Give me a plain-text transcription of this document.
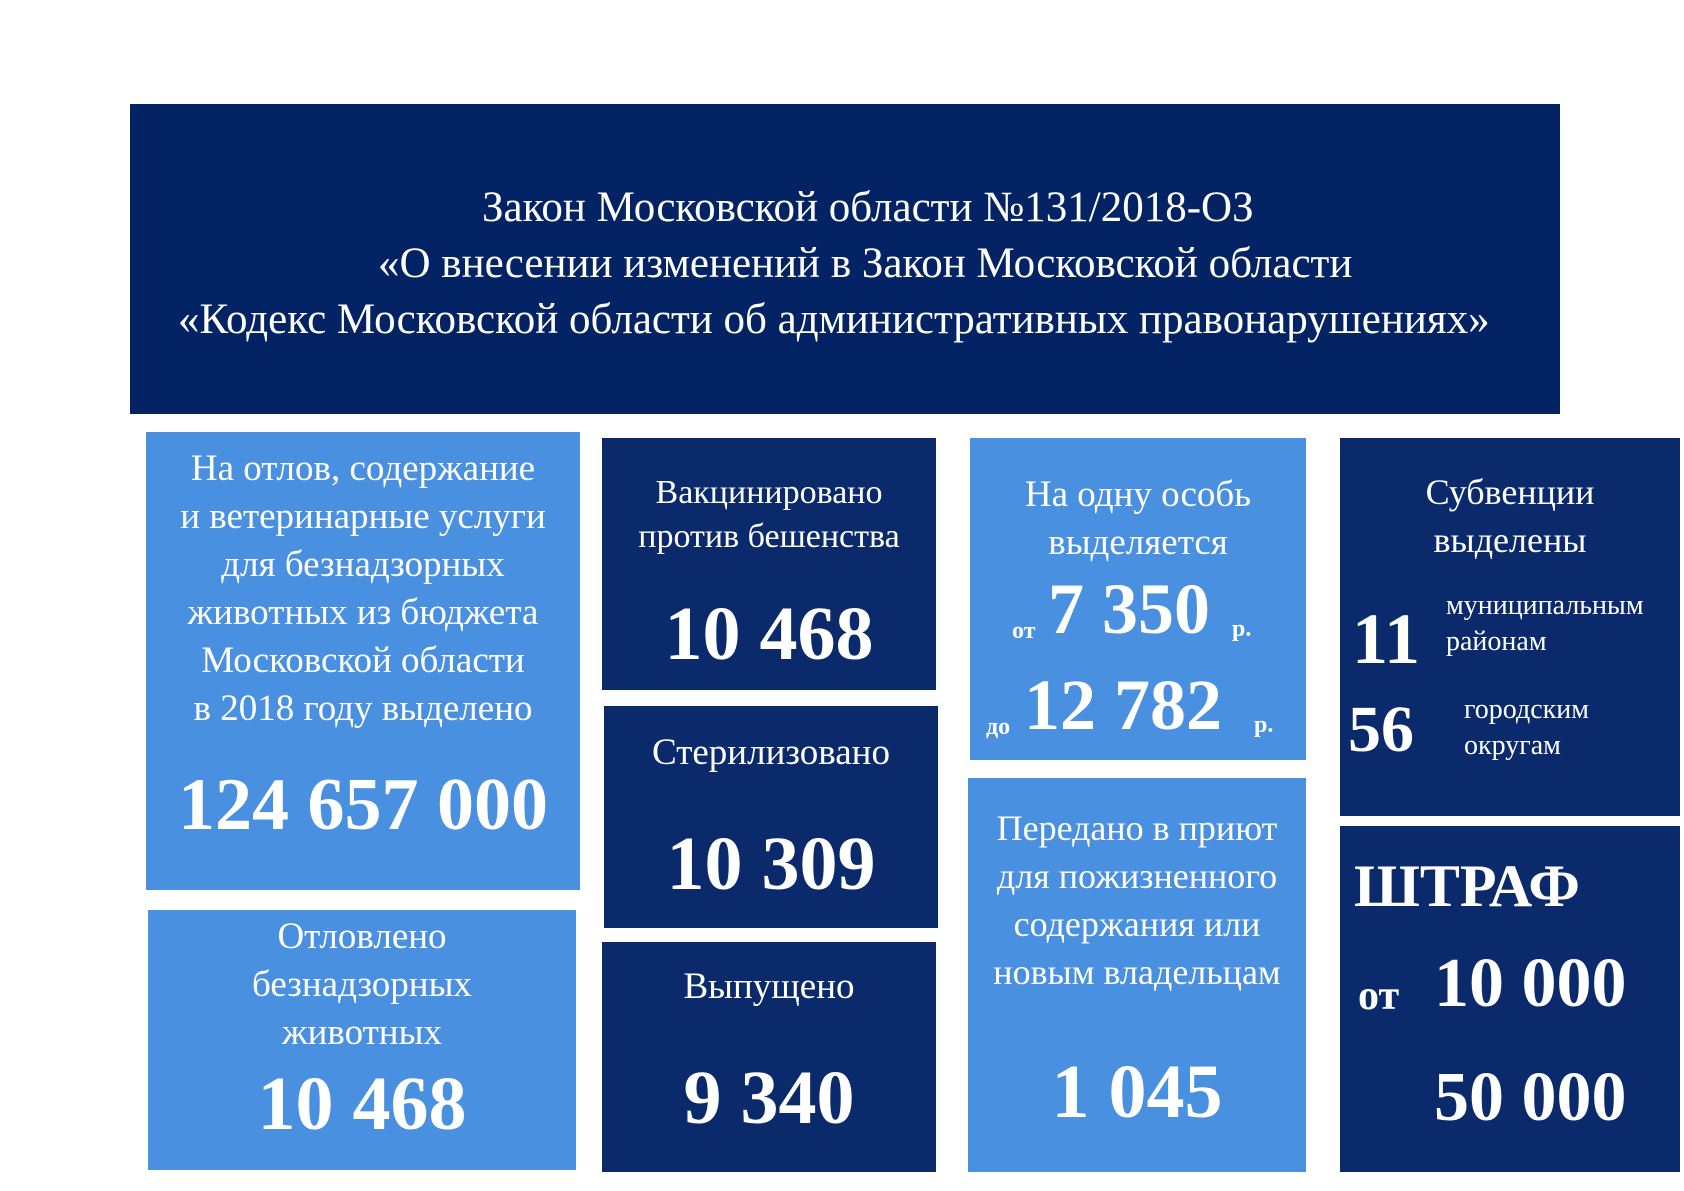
Закон Московской области №131/2018-ОЗ
«О внесении изменений в Закон Московской области
«Кодекс Московской области об административных правонарушениях»
На отлов, содержание
и ветеринарные услуги
для безнадзорных
животных из бюджета
Московской области
в 2018 году выделено
124 657 000
Отловлено
безнадзорных
животных
10 468
Вакцинировано
против бешенства
10 468
Стерилизовано
10 309
Выпущено
9 340
На одну особь
выделяется
от 7 350 р.
до 12 782 р.
Передано в приют
для пожизненного
содержания или
новым владельцам
1 045
Субвенции
выделены
11 муниципальным
районам
56 городским
округам
ШТРАФ
от 10 000
50 000
